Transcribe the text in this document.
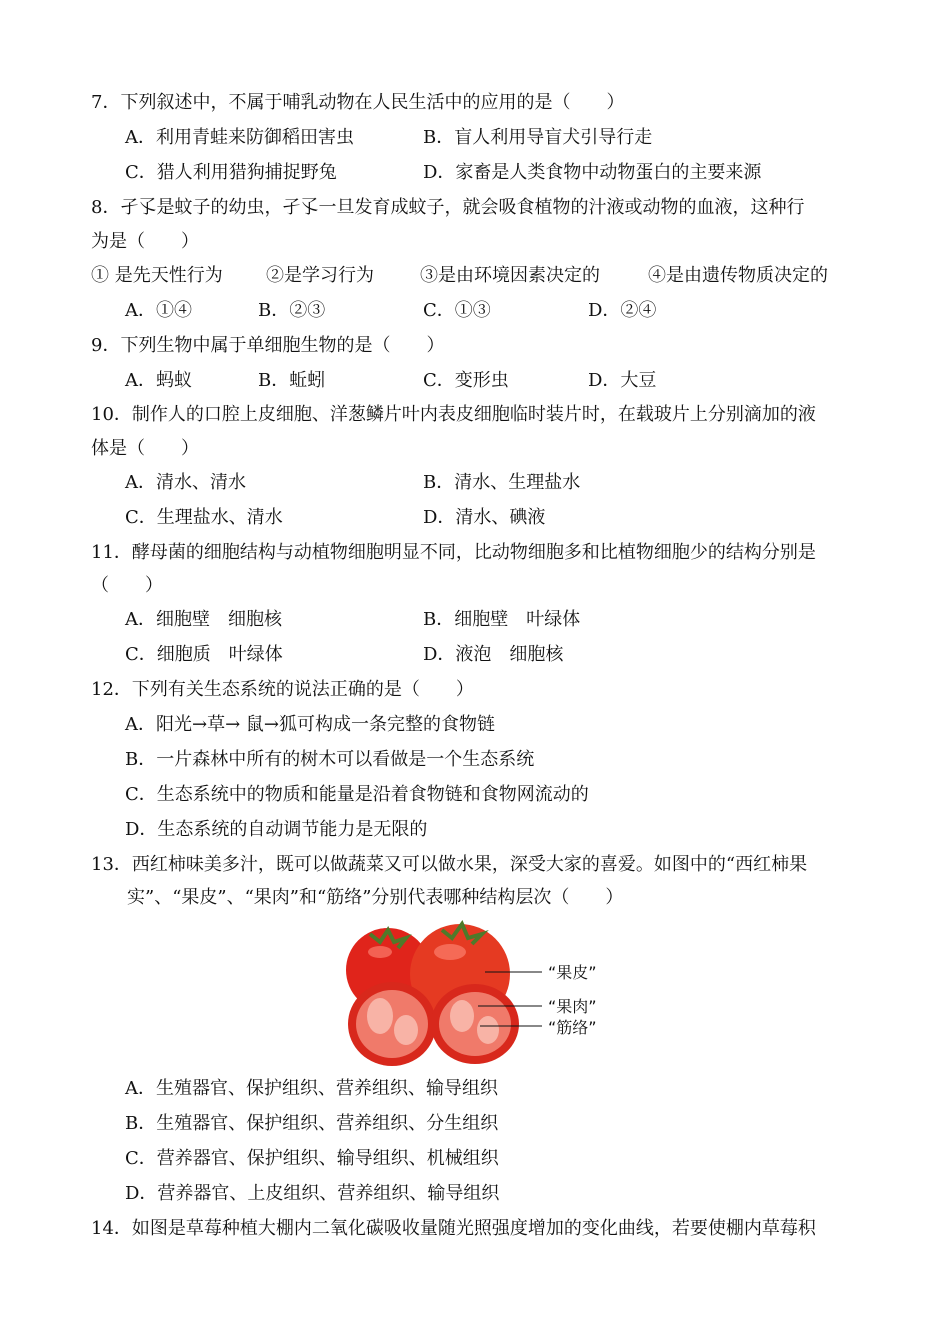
7．下列叙述中，不属于哺乳动物在人民生活中的应用的是（　　）
A．利用青蛙来防御稻田害虫	B．盲人利用导盲犬引导行走
C．猎人利用猎狗捕捉野兔	D．家畜是人类食物中动物蛋白的主要来源
8．孑孓是蚊子的幼虫，孑孓一旦发育成蚊子，就会吸食植物的汁液或动物的血液，这种行
为是（　　）
① 是先天性行为 ②是学习行为	③是由环境因素决定的	④是由遗传物质决定的
A．①④	B．②③	C．①③	D．②④
9．下列生物中属于单细胞生物的是（　　）
A．蚂蚁	B．蚯蚓	C．变形虫	D．大豆
10．制作人的口腔上皮细胞、洋葱鳞片叶内表皮细胞临时装片时，在载玻片上分别滴加的液
体是（　　）
A．清水、清水	B．清水、生理盐水
C．生理盐水、清水	D．清水、碘液
11．酵母菌的细胞结构与动植物细胞明显不同，比动物细胞多和比植物细胞少的结构分别是
（　　）
A．细胞壁　细胞核	B．细胞壁　叶绿体
C．细胞质　叶绿体	D．液泡　细胞核
12．下列有关生态系统的说法正确的是（　　）
A．阳光→草→ 鼠→狐可构成一条完整的食物链
B．一片森林中所有的树木可以看做是一个生态系统
C．生态系统中的物质和能量是沿着食物链和食物网流动的
D．生态系统的自动调节能力是无限的
13．西红柿味美多汁，既可以做蔬菜又可以做水果，深受大家的喜爱。如图中的“西红柿果
实”、“果皮”、“果肉”和“筋络”分别代表哪种结构层次（　　）
“果皮”
“果肉”
“筋络”
A．生殖器官、保护组织、营养组织、输导组织
B．生殖器官、保护组织、营养组织、分生组织
C．营养器官、保护组织、输导组织、机械组织
D．营养器官、上皮组织、营养组织、输导组织
14．如图是草莓种植大棚内二氧化碳吸收量随光照强度增加的变化曲线，若要使棚内草莓积
